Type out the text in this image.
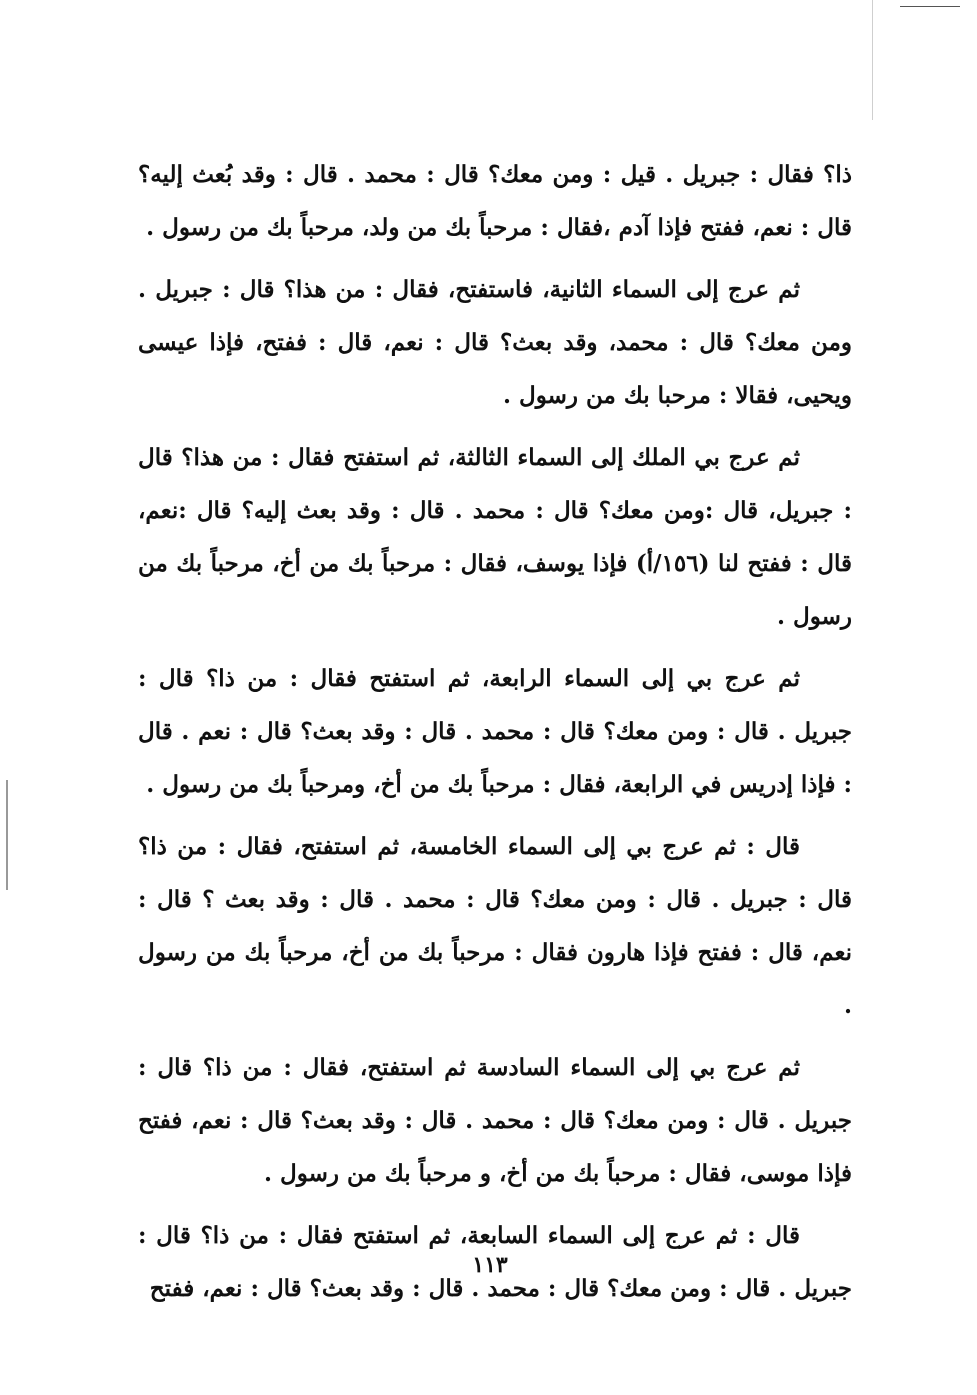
ذا؟ فقال : جبريل . قيل : ومن معك؟ قال : محمد . قال : وقد بُعث إليه؟ قال : نعم، ففتح فإذا آدم ،فقال : مرحباً بك من ولد، مرحباً بك من رسول .

ثم عرج إلى السماء الثانية، فاستفتح، فقال : من هذا؟ قال : جبريل . ومن معك؟ قال : محمد، وقد بعث؟ قال : نعم، قال : ففتح، فإذا عيسى ويحيى، فقالا : مرحبا بك من رسول .

ثم عرج بي الملك إلى السماء الثالثة، ثم استفتح فقال : من هذا؟ قال : جبريل، قال :ومن معك؟ قال : محمد . قال : وقد بعث إليه؟ قال :نعم، قال : ففتح لنا (١٥٦/أ) فإذا يوسف، فقال : مرحباً بك من أخ، مرحباً بك من رسول .

ثم عرج بي إلى السماء الرابعة، ثم استفتح فقال : من ذا؟ قال : جبريل . قال : ومن معك؟ قال : محمد . قال : وقد بعث؟ قال : نعم . قال : فإذا إدريس في الرابعة، فقال : مرحباً بك من أخ، ومرحباً بك من رسول .

قال : ثم عرج بي إلى السماء الخامسة، ثم استفتح، فقال : من ذا؟ قال : جبريل . قال : ومن معك؟ قال : محمد . قال : وقد بعث ؟ قال : نعم، قال : ففتح فإذا هارون فقال : مرحباً بك من أخ، مرحباً بك من رسول .

ثم عرج بي إلى السماء السادسة ثم استفتح، فقال : من ذا؟ قال : جبريل . قال : ومن معك؟ قال : محمد . قال : وقد بعث؟ قال : نعم، ففتح فإذا موسى، فقال : مرحباً بك من أخ، و مرحباً بك من رسول .

قال : ثم عرج إلى السماء السابعة، ثم استفتح فقال : من ذا؟ قال : جبريل . قال : ومن معك؟ قال : محمد . قال : وقد بعث؟ قال : نعم، ففتح

١١٣
